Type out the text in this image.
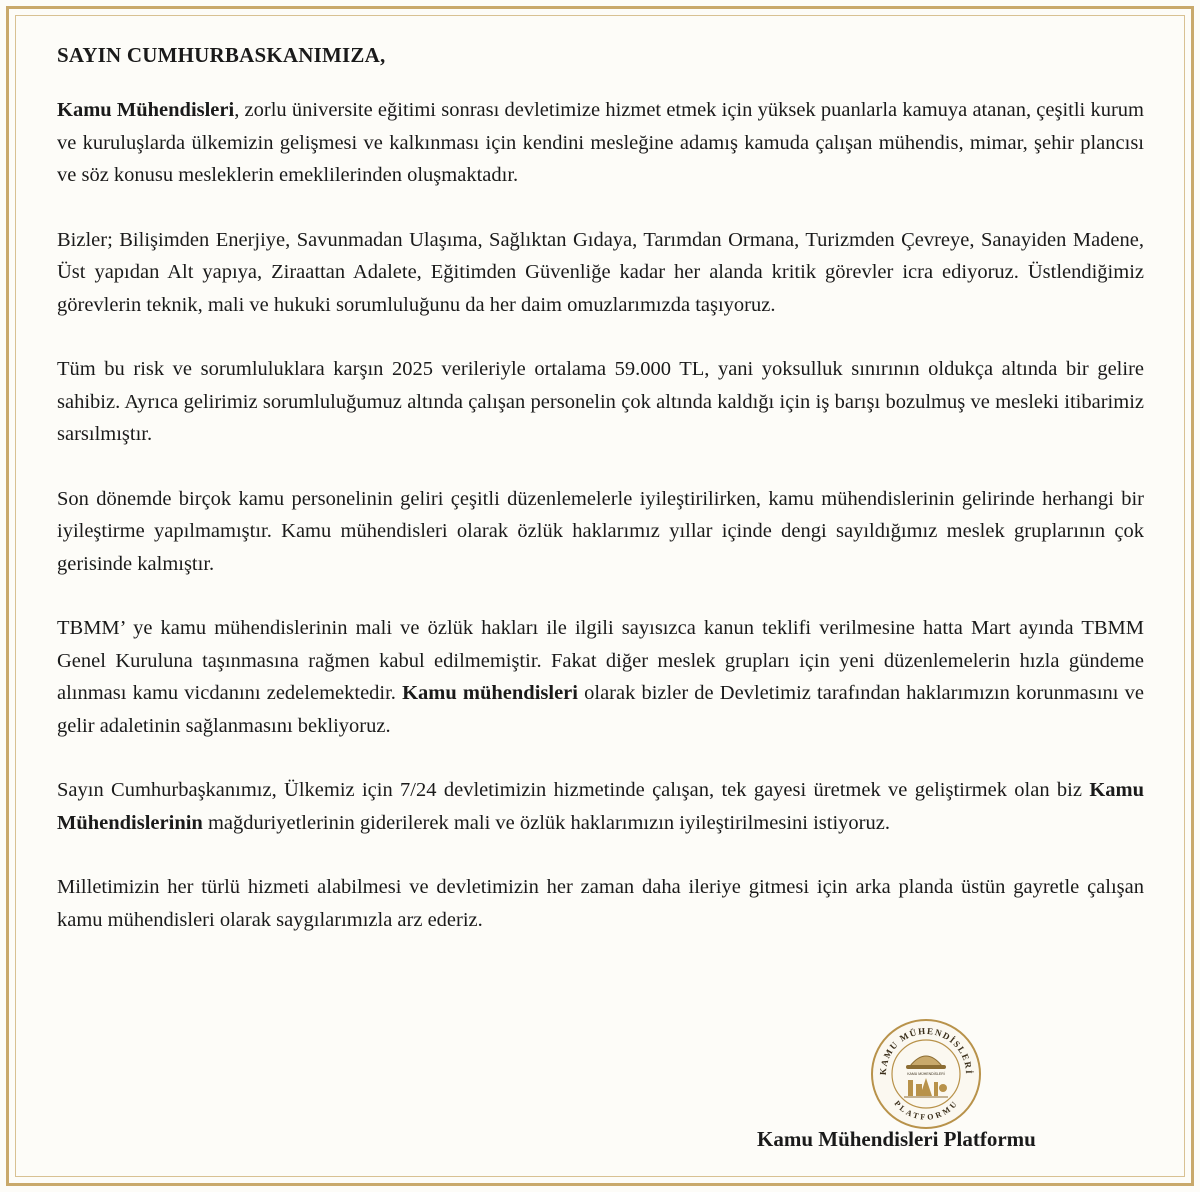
SAYIN CUMHURBASKANIMIZA,

Kamu Mühendisleri, zorlu üniversite eğitimi sonrası devletimize hizmet etmek için yüksek puanlarla kamuya atanan, çeşitli kurum ve kuruluşlarda ülkemizin gelişmesi ve kalkınması için kendini mesleğine adamış kamuda çalışan mühendis, mimar, şehir plancısı ve söz konusu mesleklerin emeklilerinden oluşmaktadır.

Bizler; Bilişimden Enerjiye, Savunmadan Ulaşıma, Sağlıktan Gıdaya, Tarımdan Ormana, Turizmden Çevreye, Sanayiden Madene, Üst yapıdan Alt yapıya, Ziraattan Adalete, Eğitimden Güvenliğe kadar her alanda kritik görevler icra ediyoruz. Üstlendiğimiz görevlerin teknik, mali ve hukuki sorumluluğunu da her daim omuzlarımızda taşıyoruz.

Tüm bu risk ve sorumluluklara karşın 2025 verileriyle ortalama 59.000 TL, yani yoksulluk sınırının oldukça altında bir gelire sahibiz. Ayrıca gelirimiz sorumluluğumuz altında çalışan personelin çok altında kaldığı için iş barışı bozulmuş ve mesleki itibarimiz sarsılmıştır.

Son dönemde birçok kamu personelinin geliri çeşitli düzenlemelerle iyileştirilirken, kamu mühendislerinin gelirinde herhangi bir iyileştirme yapılmamıştır. Kamu mühendisleri olarak özlük haklarımız yıllar içinde dengi sayıldığımız meslek gruplarının çok gerisinde kalmıştır.

TBMM’ ye kamu mühendislerinin mali ve özlük hakları ile ilgili sayısızca kanun teklifi verilmesine hatta Mart ayında TBMM Genel Kuruluna taşınmasına rağmen kabul edilmemiştir. Fakat diğer meslek grupları için yeni düzenlemelerin hızla gündeme alınması kamu vicdanını zedelemektedir. Kamu mühendisleri olarak bizler de Devletimiz tarafından haklarımızın korunmasını ve gelir adaletinin sağlanmasını bekliyoruz.

Sayın Cumhurbaşkanımız, Ülkemiz için 7/24 devletimizin hizmetinde çalışan, tek gayesi üretmek ve geliştirmek olan biz Kamu Mühendislerinin mağduriyetlerinin giderilerek mali ve özlük haklarımızın iyileştirilmesini istiyoruz.

Milletimizin her türlü hizmeti alabilmesi ve devletimizin her zaman daha ileriye gitmesi için arka planda üstün gayretle çalışan kamu mühendisleri olarak saygılarımızla arz ederiz.

KAMU MÜHENDİSLERİ
PLATFORMU
KAMU MÜHENDİSLERİ
Kamu Mühendisleri Platformu
